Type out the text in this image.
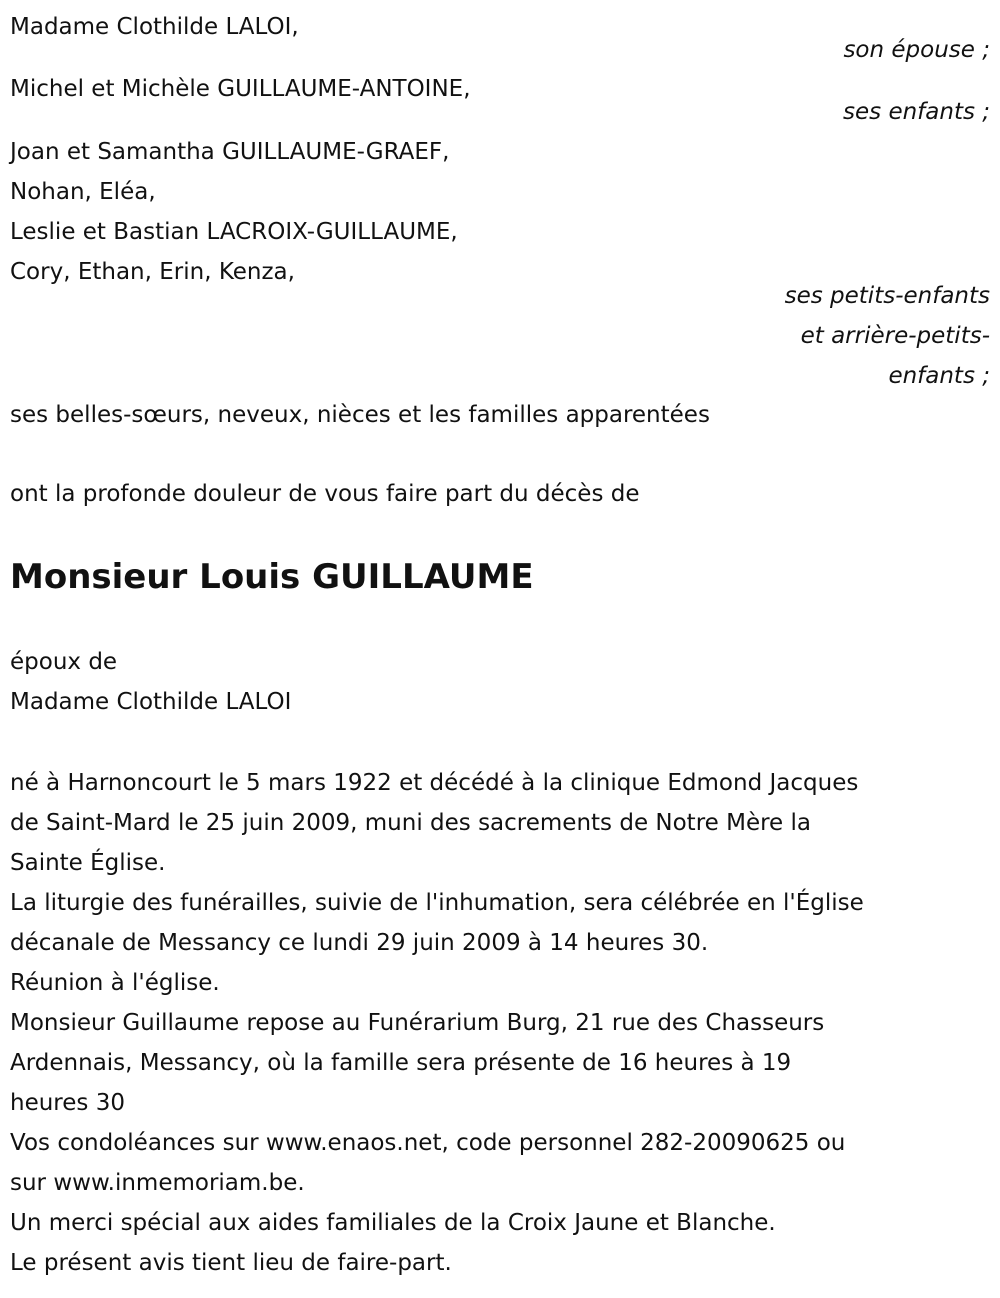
Madame Clothilde LALOI,
son épouse ;
Michel et Michèle GUILLAUME-ANTOINE,
ses enfants ;
Joan et Samantha GUILLAUME-GRAEF,
Nohan, Eléa,
Leslie et Bastian LACROIX-GUILLAUME,
Cory, Ethan, Erin, Kenza,
ses petits-enfants
et arrière-petits-
enfants ;
ses belles-sœurs, neveux, nièces et les familles apparentées
ont la profonde douleur de vous faire part du décès de
Monsieur Louis GUILLAUME
époux de
Madame Clothilde LALOI
né à Harnoncourt le 5 mars 1922 et décédé à la clinique Edmond Jacques
de Saint-Mard le 25 juin 2009, muni des sacrements de Notre Mère la
Sainte Église.
La liturgie des funérailles, suivie de l'inhumation, sera célébrée en l'Église
décanale de Messancy ce lundi 29 juin 2009 à 14 heures 30.
Réunion à l'église.
Monsieur Guillaume repose au Funérarium Burg, 21 rue des Chasseurs
Ardennais, Messancy, où la famille sera présente de 16 heures à 19
heures 30
Vos condoléances sur www.enaos.net, code personnel 282-20090625 ou
sur www.inmemoriam.be.
Un merci spécial aux aides familiales de la Croix Jaune et Blanche.
Le présent avis tient lieu de faire-part.
